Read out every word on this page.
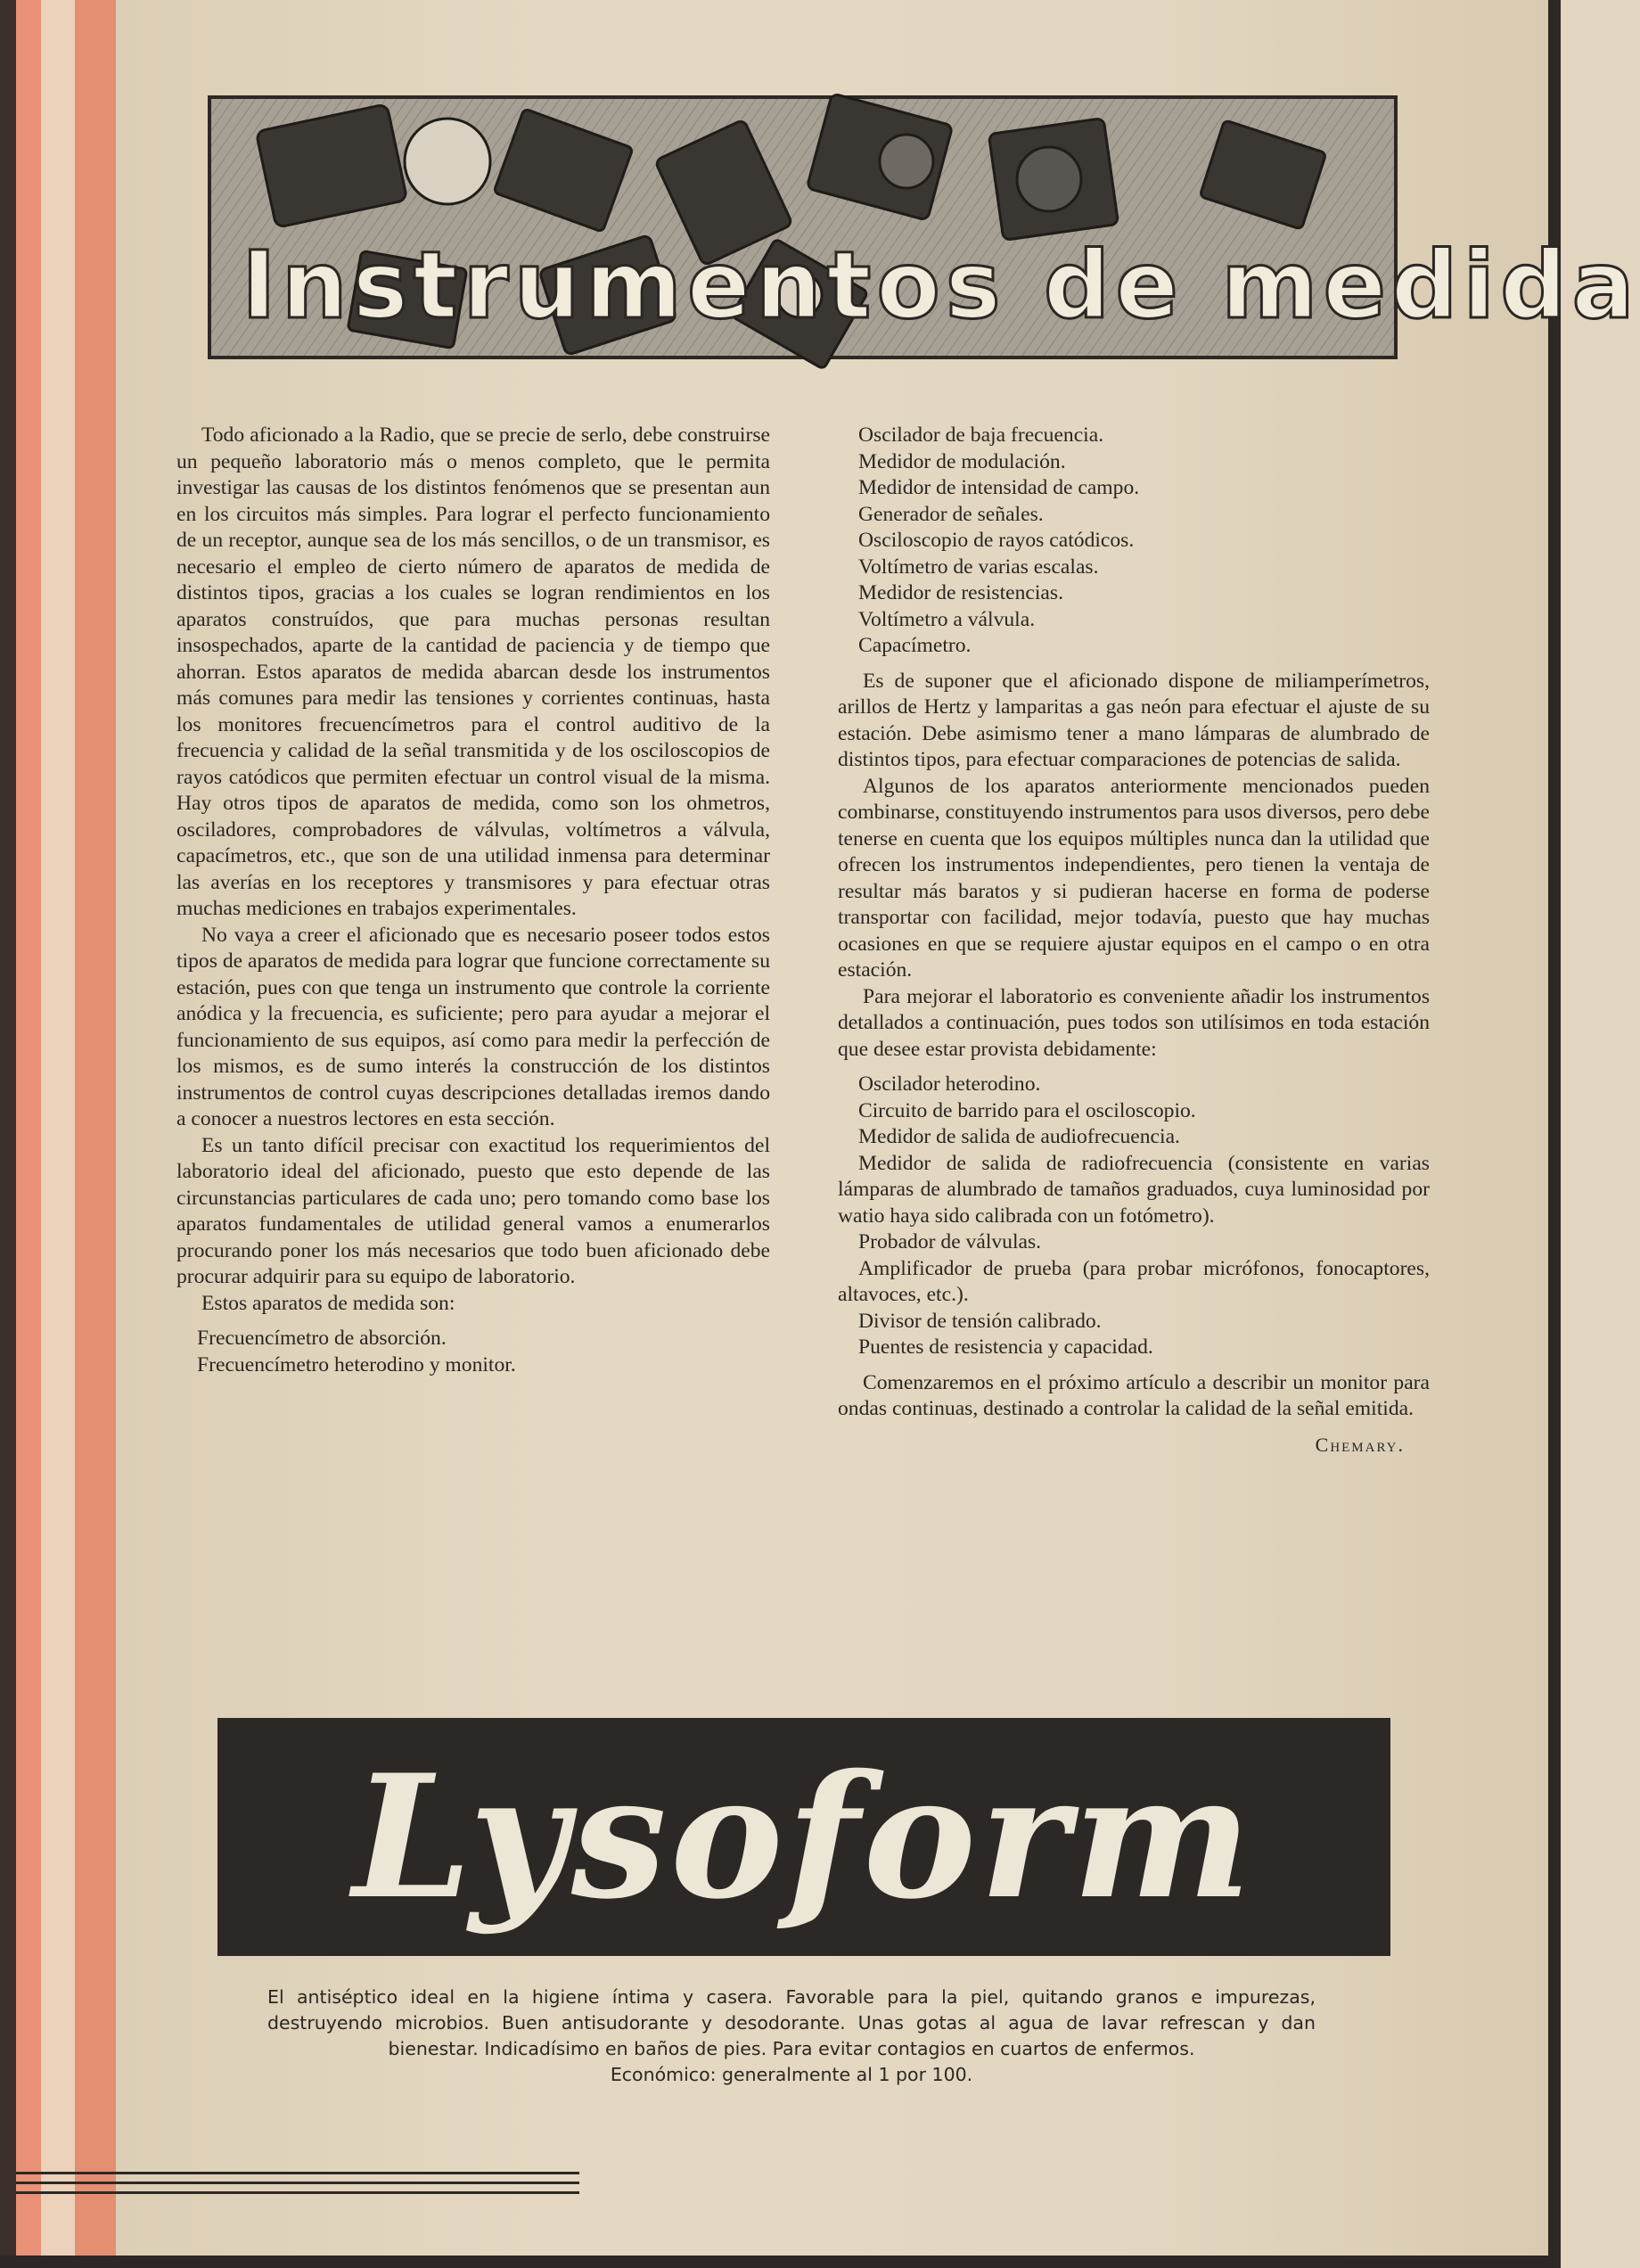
Instrumentos de medida

Todo aficionado a la Radio, que se precie de serlo, debe construirse un pequeño laboratorio más o menos completo, que le permita investigar las causas de los distintos fenómenos que se presentan aun en los circuitos más simples. Para lograr el perfecto funcionamiento de un receptor, aunque sea de los más sencillos, o de un transmisor, es necesario el empleo de cierto número de aparatos de medida de distintos tipos, gracias a los cuales se logran rendimientos en los aparatos construídos, que para muchas personas resultan insospechados, aparte de la cantidad de paciencia y de tiempo que ahorran. Estos aparatos de medida abarcan desde los instrumentos más comunes para medir las tensiones y corrientes continuas, hasta los monitores frecuencímetros para el control auditivo de la frecuencia y calidad de la señal transmitida y de los osciloscopios de rayos catódicos que permiten efectuar un control visual de la misma. Hay otros tipos de aparatos de medida, como son los ohmetros, osciladores, comprobadores de válvulas, voltímetros a válvula, capacímetros, etc., que son de una utilidad inmensa para determinar las averías en los receptores y transmisores y para efectuar otras muchas mediciones en trabajos experimentales.

No vaya a creer el aficionado que es necesario poseer todos estos tipos de aparatos de medida para lograr que funcione correctamente su estación, pues con que tenga un instrumento que controle la corriente anódica y la frecuencia, es suficiente; pero para ayudar a mejorar el funcionamiento de sus equipos, así como para medir la perfección de los mismos, es de sumo interés la construcción de los distintos instrumentos de control cuyas descripciones detalladas iremos dando a conocer a nuestros lectores en esta sección.

Es un tanto difícil precisar con exactitud los requerimientos del laboratorio ideal del aficionado, puesto que esto depende de las circunstancias particulares de cada uno; pero tomando como base los aparatos fundamentales de utilidad general vamos a enumerarlos procurando poner los más necesarios que todo buen aficionado debe procurar adquirir para su equipo de laboratorio.

Estos aparatos de medida son:

Frecuencímetro de absorción.
Frecuencímetro heterodino y monitor.
Oscilador de baja frecuencia.
Medidor de modulación.
Medidor de intensidad de campo.
Generador de señales.
Osciloscopio de rayos catódicos.
Voltímetro de varias escalas.
Medidor de resistencias.
Voltímetro a válvula.
Capacímetro.

Es de suponer que el aficionado dispone de miliamperímetros, arillos de Hertz y lamparitas a gas neón para efectuar el ajuste de su estación. Debe asimismo tener a mano lámparas de alumbrado de distintos tipos, para efectuar comparaciones de potencias de salida.

Algunos de los aparatos anteriormente mencionados pueden combinarse, constituyendo instrumentos para usos diversos, pero debe tenerse en cuenta que los equipos múltiples nunca dan la utilidad que ofrecen los instrumentos independientes, pero tienen la ventaja de resultar más baratos y si pudieran hacerse en forma de poderse transportar con facilidad, mejor todavía, puesto que hay muchas ocasiones en que se requiere ajustar equipos en el campo o en otra estación.

Para mejorar el laboratorio es conveniente añadir los instrumentos detallados a continuación, pues todos son utilísimos en toda estación que desee estar provista debidamente:

Oscilador heterodino.
Circuito de barrido para el osciloscopio.
Medidor de salida de audiofrecuencia.
Medidor de salida de radiofrecuencia (consistente en varias lámparas de alumbrado de tamaños graduados, cuya luminosidad por watio haya sido calibrada con un fotómetro).
Probador de válvulas.
Amplificador de prueba (para probar micrófonos, fonocaptores, altavoces, etc.).
Divisor de tensión calibrado.
Puentes de resistencia y capacidad.

Comenzaremos en el próximo artículo a describir un monitor para ondas continuas, destinado a controlar la calidad de la señal emitida.

Chemary.
Lysoform
El antiséptico ideal en la higiene íntima y casera. Favorable para la piel, quitando granos e impurezas, destruyendo microbios. Buen antisudorante y desodorante. Unas gotas al agua de lavar refrescan y dan bienestar. Indicadísimo en baños de pies. Para evitar contagios en cuartos de enfermos.
Económico: generalmente al 1 por 100.
